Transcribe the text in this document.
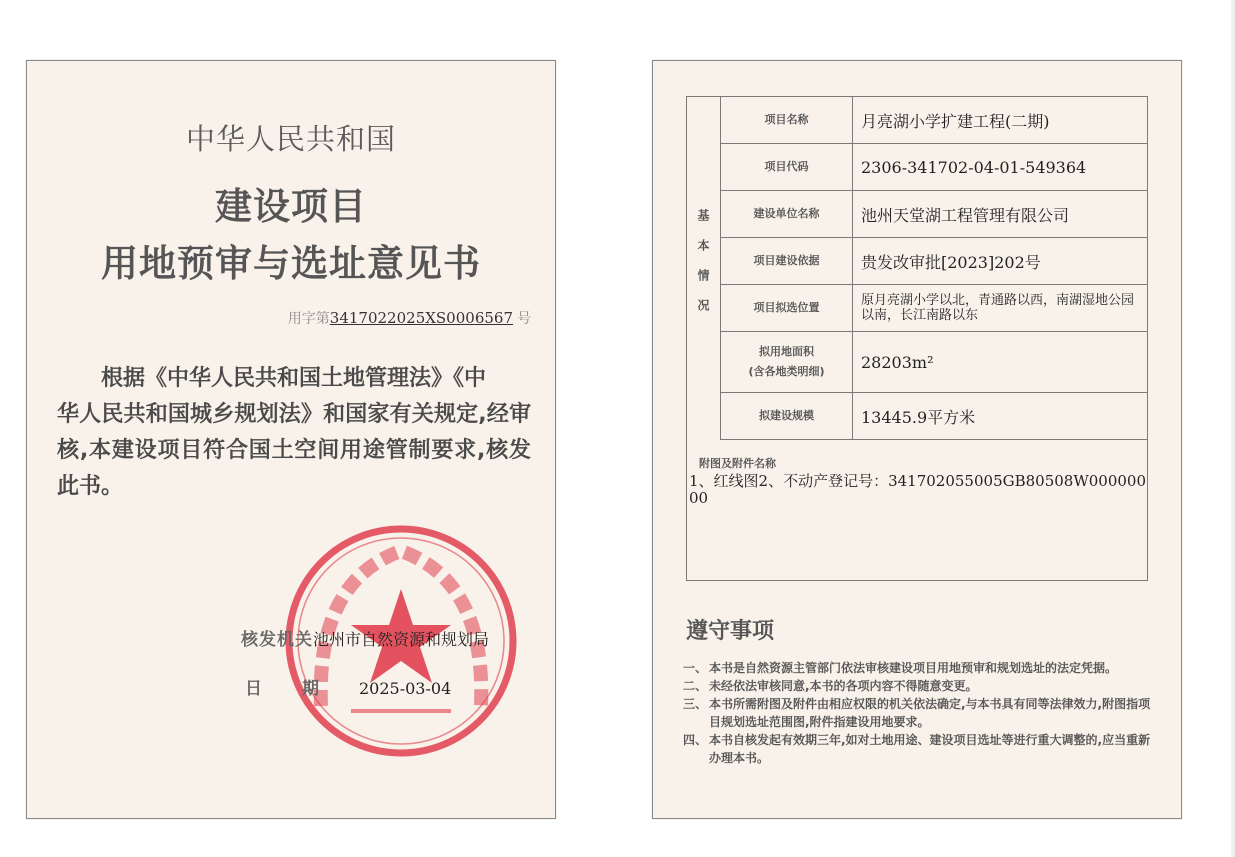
中华人民共和国
建设项目
用地预审与选址意见书
用字第3417022025XS0006567 号
根据《中华人民共和国土地管理法》《中
华人民共和国城乡规划法》和国家有关规定,经审核,本建设项目符合国土空间用途管制要求,核发此书。
核发机关池州市自然资源和规划局
日期2025-03-04
基本情况
项目名称	月亮湖小学扩建工程(二期)
项目代码	2306-341702-04-01-549364
建设单位名称	池州天堂湖工程管理有限公司
项目建设依据	贵发改审批[2023]202号
项目拟选位置	原月亮湖小学以北，青通路以西，南湖湿地公园以南，长江南路以东
拟用地面积
(含各地类明细) 28203m²
拟建设规模	13445.9平方米
附图及附件名称
1、红线图2、不动产登记号：341702055005GB80508W00000000
遵守事项
一、 本书是自然资源主管部门依法审核建设项目用地预审和规划选址的法定凭据。
二、 未经依法审核同意,本书的各项内容不得随意变更。
三、 本书所需附图及附件由相应权限的机关依法确定,与本书具有同等法律效力,附图指项目规划选址范围图,附件指建设用地要求。
四、 本书自核发起有效期三年,如对土地用途、建设项目选址等进行重大调整的,应当重新办理本书。
